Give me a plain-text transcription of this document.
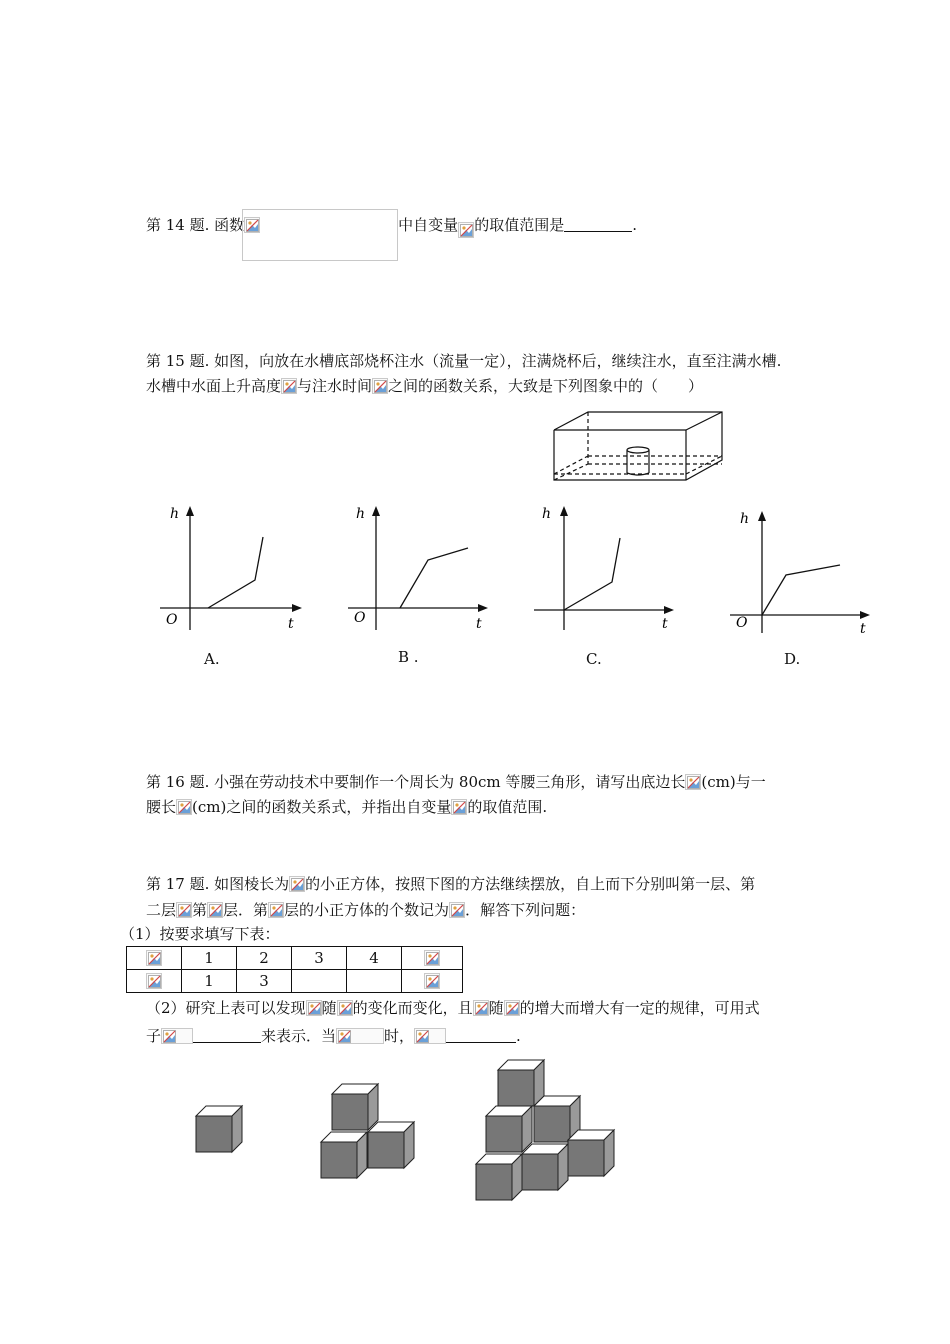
第 14 题. 函数	中自变量 的取值范围是	.
第 15 题. 如图，向放在水槽底部烧杯注水（流量一定），注满烧杯后，继续注水，直至注满水槽.
水槽中水面上升高度 与注水时间 之间的函数关系，大致是下列图象中的（　　）
h
O	t
A.
h
O	t
B .
h
t
C.
h
O	t
D.
第 16 题. 小强在劳动技术中要制作一个周长为 80cm 等腰三角形，请写出底边长 (cm)与一
腰长 (cm)之间的函数关系式，并指出自变量 的取值范围.
第 17 题. 如图棱长为 的小正方体，按照下图的方法继续摆放，自上而下分别叫第一层、第
二层 第 层．第 层的小正方体的个数记为 ．解答下列问题：
（1）按要求填写下表：
	1	2	3	4	

	1	3			
（2）研究上表可以发现 随 的变化而变化，且 随 的增大而增大有一定的规律，可用式
子	来表示．当	时，	.
